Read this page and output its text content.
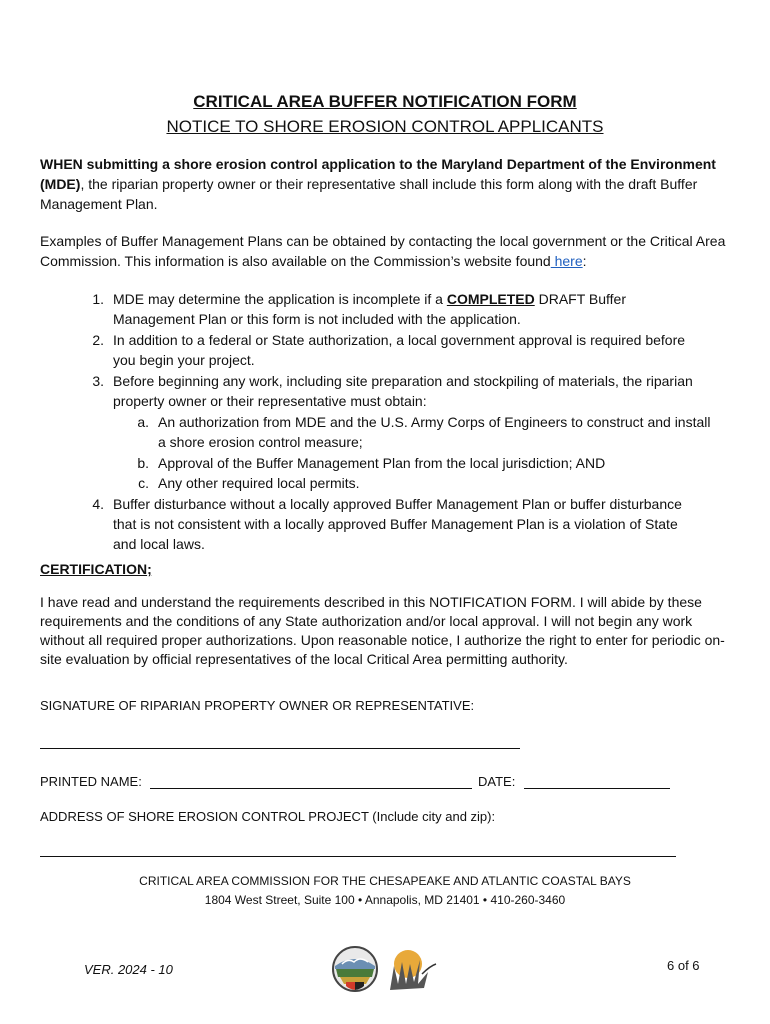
CRITICAL AREA BUFFER NOTIFICATION FORM
NOTICE TO SHORE EROSION CONTROL APPLICANTS

WHEN submitting a shore erosion control application to the Maryland Department of the Environment (MDE), the riparian property owner or their representative shall include this form along with the draft Buffer Management Plan.

Examples of Buffer Management Plans can be obtained by contacting the local government or the Critical Area Commission. This information is also available on the Commission’s website found here:

1. MDE may determine the application is incomplete if a COMPLETED DRAFT Buffer Management Plan or this form is not included with the application.
2. In addition to a federal or State authorization, a local government approval is required before you begin your project.
3. Before beginning any work, including site preparation and stockpiling of materials, the riparian property owner or their representative must obtain:
a. An authorization from MDE and the U.S. Army Corps of Engineers to construct and install a shore erosion control measure;
b. Approval of the Buffer Management Plan from the local jurisdiction; AND
c. Any other required local permits.
4. Buffer disturbance without a locally approved Buffer Management Plan or buffer disturbance that is not consistent with a locally approved Buffer Management Plan is a violation of State and local laws.
CERTIFICATION;

I have read and understand the requirements described in this NOTIFICATION FORM. I will abide by these requirements and the conditions of any State authorization and/or local approval. I will not begin any work without all required proper authorizations. Upon reasonable notice, I authorize the right to enter for periodic on-site evaluation by official representatives of the local Critical Area permitting authority.

SIGNATURE OF RIPARIAN PROPERTY OWNER OR REPRESENTATIVE:
PRINTED NAME:	DATE:
ADDRESS OF SHORE EROSION CONTROL PROJECT (Include city and zip):
CRITICAL AREA COMMISSION FOR THE CHESAPEAKE AND ATLANTIC COASTAL BAYS
1804 West Street, Suite 100 • Annapolis, MD 21401 • 410-260-3460
VER. 2024 - 10	6 of 6
